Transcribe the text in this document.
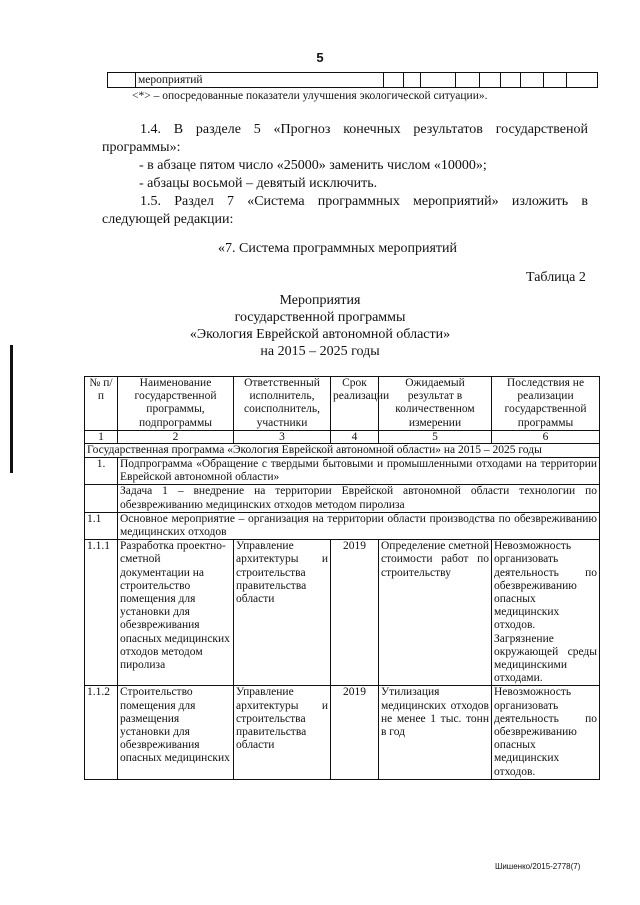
5
мероприятий
<*> – опосредованные показатели улучшения экологической ситуации».
1.4. В разделе 5 «Прогноз конечных результатов государственой
программы»:
- в абзаце пятом число «25000» заменить числом «10000»;
- абзацы восьмой – девятый исключить.
1.5. Раздел 7 «Система программных мероприятий» изложить в
следующей редакции:
«7. Система программных мероприятий
Таблица 2
Мероприятия
государственной программы
«Экология Еврейской автономной области»
на 2015 – 2025 годы
№ п/п	Наименование государственной программы, подпрограммы	Ответственный исполнитель, соисполнитель, участники	Срок реализации	Ожидаемый результат в количественном измерении	Последствия не реализации государственной программы
1	2	3	4	5	6
Государственная программа «Экология Еврейской автономной области» на 2015 – 2025 годы					
1.	Подпрограмма «Обращение с твердыми бытовыми и промышленными отходами на территории Еврейской автономной области»				
	Задача 1 – внедрение на территории Еврейской автономной области технологии по обезвреживанию медицинских отходов методом пиролиза				
1.1	Основное мероприятие – организация на территории области производства по обезвреживанию медицинских отходов				
1.1.1	Разработка проектно-сметной документации на строительство помещения для установки для обезвреживания опасных медицинских отходов методом пиролиза	Управление архитектуры и строительства правительства области	2019	Определение сметной стоимости работ по строительству	Невозможность организовать деятельность по обезвреживанию опасных медицинских отходов. Загрязнение окружающей среды медицинскими отходами.
1.1.2	Строительство помещения для размещения установки для обезвреживания опасных медицинских	Управление архитектуры и строительства правительства области	2019	Утилизация медицинских отходов не менее 1 тыс. тонн в год	Невозможность организовать деятельность по обезвреживанию опасных медицинских отходов.
Шишенко/2015-2778(7)
